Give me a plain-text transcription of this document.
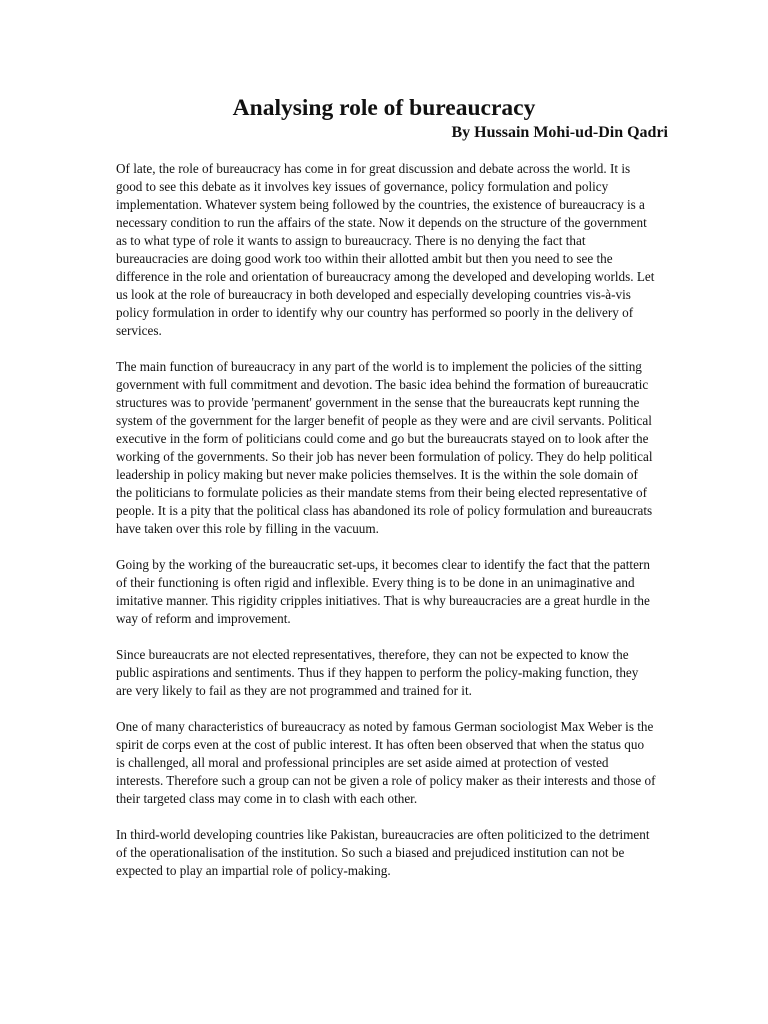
Analysing role of bureaucracy
By Hussain Mohi-ud-Din Qadri

Of late, the role of bureaucracy has come in for great discussion and debate across the world. It is good to see this debate as it involves key issues of governance, policy formulation and policy implementation. Whatever system being followed by the countries, the existence of bureaucracy is a necessary condition to run the affairs of the state. Now it depends on the structure of the government as to what type of role it wants to assign to bureaucracy. There is no denying the fact that bureaucracies are doing good work too within their allotted ambit but then you need to see the difference in the role and orientation of bureaucracy among the developed and developing worlds. Let us look at the role of bureaucracy in both developed and especially developing countries vis-à-vis policy formulation in order to identify why our country has performed so poorly in the delivery of services.

The main function of bureaucracy in any part of the world is to implement the policies of the sitting government with full commitment and devotion. The basic idea behind the formation of bureaucratic structures was to provide 'permanent' government in the sense that the bureaucrats kept running the system of the government for the larger benefit of people as they were and are civil servants. Political executive in the form of politicians could come and go but the bureaucrats stayed on to look after the working of the governments. So their job has never been formulation of policy. They do help political leadership in policy making but never make policies themselves. It is the within the sole domain of the politicians to formulate policies as their mandate stems from their being elected representative of people. It is a pity that the political class has abandoned its role of policy formulation and bureaucrats have taken over this role by filling in the vacuum.

Going by the working of the bureaucratic set-ups, it becomes clear to identify the fact that the pattern of their functioning is often rigid and inflexible. Every thing is to be done in an unimaginative and imitative manner. This rigidity cripples initiatives. That is why bureaucracies are a great hurdle in the way of reform and improvement.

Since bureaucrats are not elected representatives, therefore, they can not be expected to know the public aspirations and sentiments. Thus if they happen to perform the policy-making function, they are very likely to fail as they are not programmed and trained for it.

One of many characteristics of bureaucracy as noted by famous German sociologist Max Weber is the spirit de corps even at the cost of public interest. It has often been observed that when the status quo is challenged, all moral and professional principles are set aside aimed at protection of vested interests. Therefore such a group can not be given a role of policy maker as their interests and those of their targeted class may come in to clash with each other.

In third-world developing countries like Pakistan, bureaucracies are often politicized to the detriment of the operationalisation of the institution. So such a biased and prejudiced institution can not be expected to play an impartial role of policy-making.
